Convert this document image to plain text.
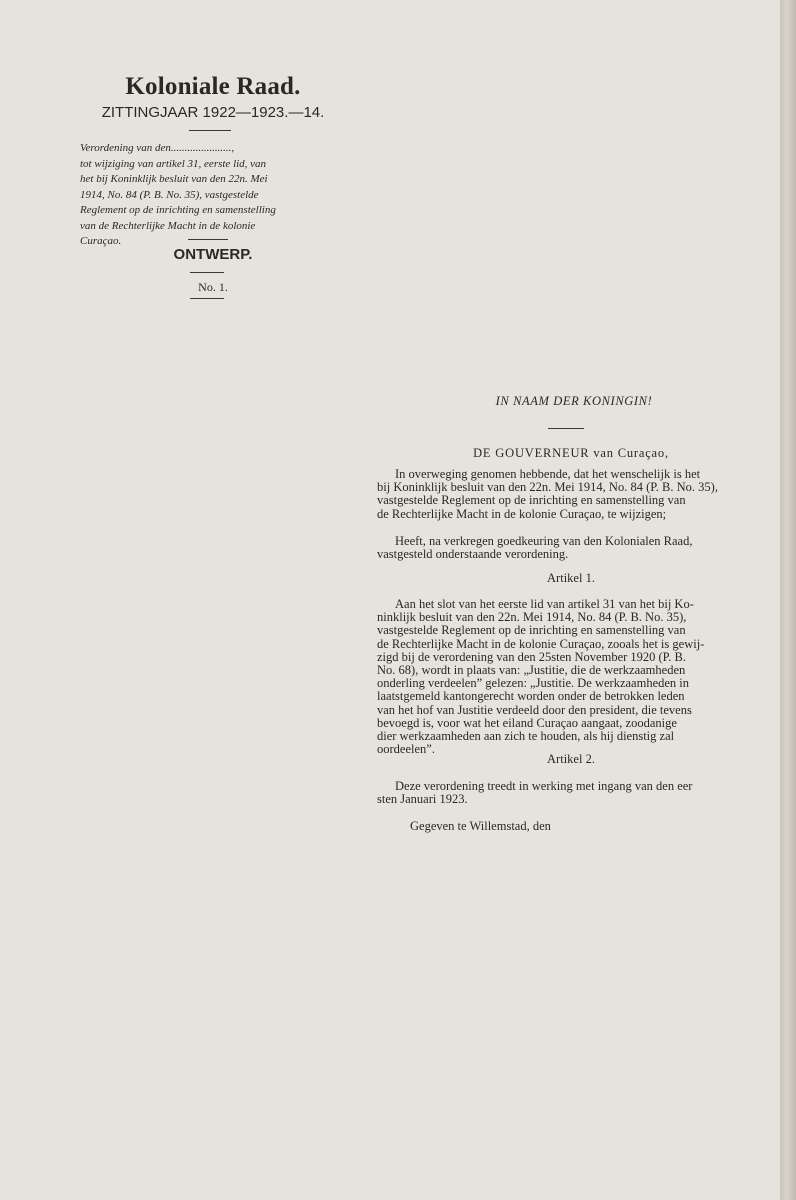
Koloniale Raad.
ZITTINGJAAR 1922—1923.—14.
Verordening van den......................,
tot wijziging van artikel 31, eerste lid, van
het bij Koninklijk besluit van den 22n. Mei
1914, No. 84 (P. B. No. 35), vastgestelde
Reglement op de inrichting en samenstelling
van de Rechterlijke Macht in de kolonie
Curaçao.
ONTWERP.
No. 1.
IN NAAM DER KONINGIN!
DE GOUVERNEUR van Curaçao,
In overweging genomen hebbende, dat het wenschelijk is het
bij Koninklijk besluit van den 22n. Mei 1914, No. 84 (P. B. No. 35),
vastgestelde Reglement op de inrichting en samenstelling van
de Rechterlijke Macht in de kolonie Curaçao, te wijzigen;
Heeft, na verkregen goedkeuring van den Kolonialen Raad,
vastgesteld onderstaande verordening.
Artikel 1.
Aan het slot van het eerste lid van artikel 31 van het bij Ko-
ninklijk besluit van den 22n. Mei 1914, No. 84 (P. B. No. 35),
vastgestelde Reglement op de inrichting en samenstelling van
de Rechterlijke Macht in de kolonie Curaçao, zooals het is gewij-
zigd bij de verordening van den 25sten November 1920 (P. B.
No. 68), wordt in plaats van: „Justitie, die de werkzaamheden
onderling verdeelen” gelezen: „Justitie. De werkzaamheden in
laatstgemeld kantongerecht worden onder de betrokken leden
van het hof van Justitie verdeeld door den president, die tevens
bevoegd is, voor wat het eiland Curaçao aangaat, zoodanige
dier werkzaamheden aan zich te houden, als hij dienstig zal
oordeelen”.
Artikel 2.
Deze verordening treedt in werking met ingang van den eer
sten Januari 1923.
Gegeven te Willemstad, den
